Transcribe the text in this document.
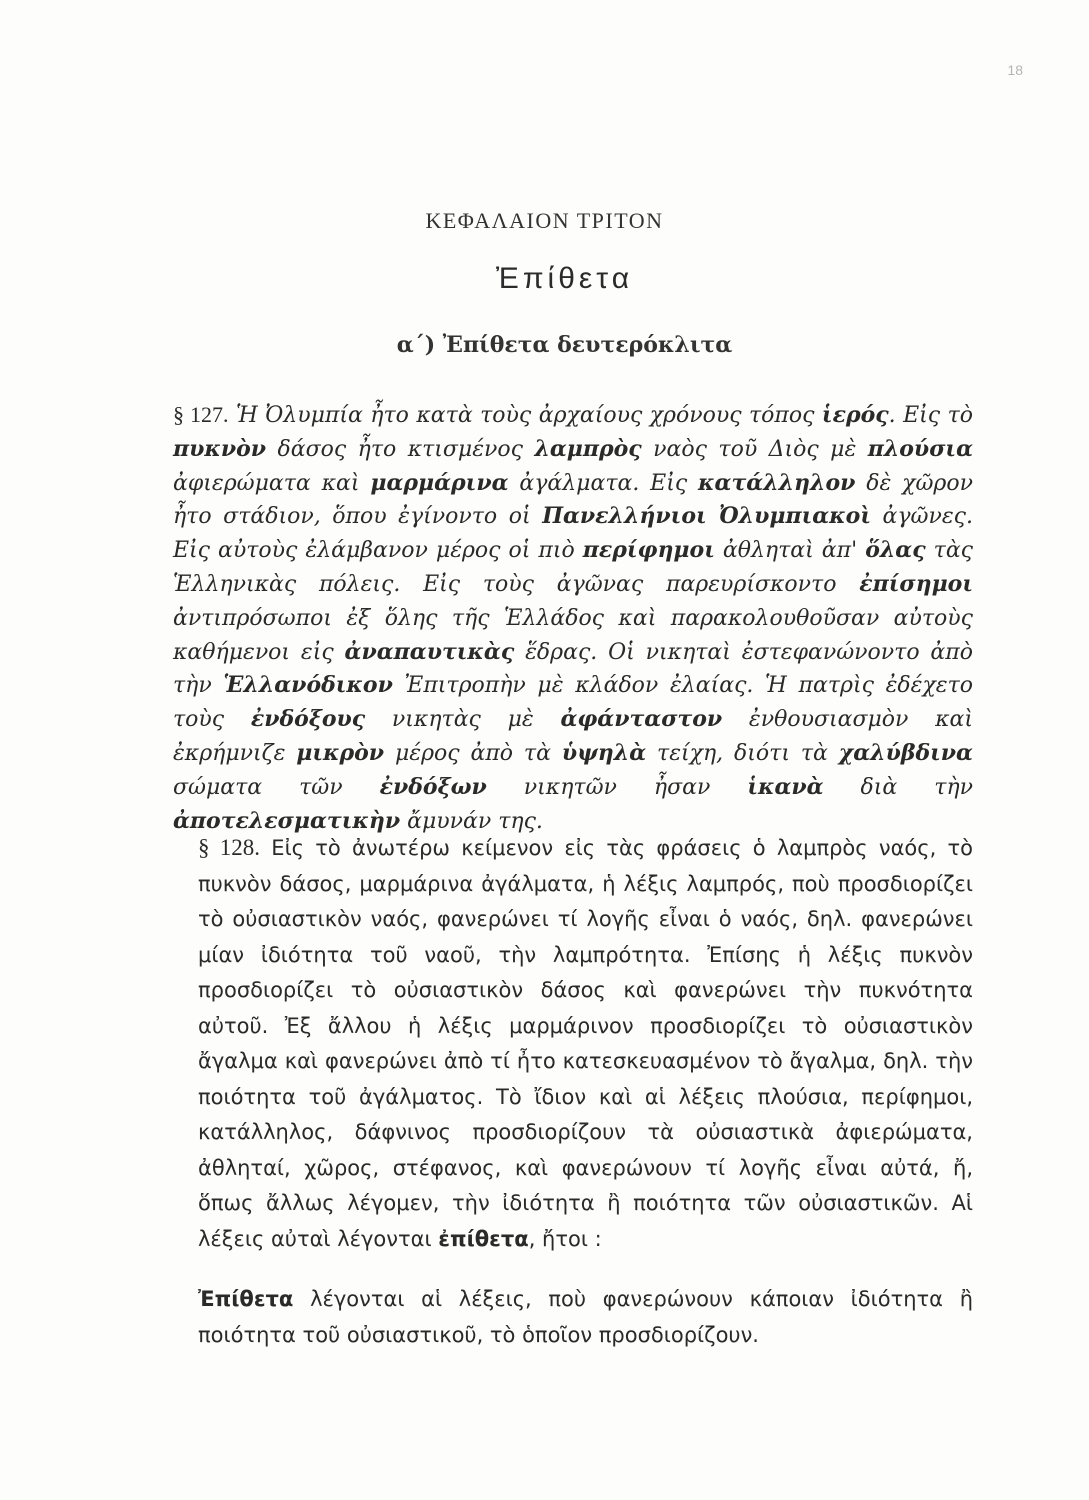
18
ΚΕΦΑΛΑΙΟΝ ΤΡΙΤΟΝ
Ἐπίθετα
α΄) Ἐπίθετα δευτερόκλιτα
§ 127. Ἡ Ὀλυμπία ἦτο κατὰ τοὺς ἀρχαίους χρόνους τόπος ἱερός. Εἰς τὸ πυκνὸν δάσος ἦτο κτισμένος λαμπρὸς ναὸς τοῦ Διὸς μὲ πλούσια ἀφιερώματα καὶ μαρμάρινα ἀγάλματα. Εἰς κατάλληλον δὲ χῶρον ἦτο στάδιον, ὅπου ἐγίνοντο οἱ Πανελλήνιοι Ὀλυμπιακοὶ ἀγῶνες. Εἰς αὐτοὺς ἐλάμβανον μέρος οἱ πιὸ περίφημοι ἀθληταὶ ἀπ' ὅλας τὰς Ἑλληνικὰς πόλεις. Εἰς τοὺς ἀγῶνας παρευρίσκοντο ἐπίσημοι ἀντιπρόσωποι ἐξ ὅλης τῆς Ἑλλάδος καὶ παρακολουθοῦσαν αὐτοὺς καθήμενοι εἰς ἀναπαυτικὰς ἕδρας. Οἱ νικηταὶ ἐστεφανώνοντο ἀπὸ τὴν Ἑλλανόδικον Ἐπιτροπὴν μὲ κλάδον ἐλαίας. Ἡ πατρὶς ἐδέχετο τοὺς ἐνδόξους νικητὰς μὲ ἀφάνταστον ἐνθουσιασμὸν καὶ ἐκρήμνιζε μικρὸν μέρος ἀπὸ τὰ ὑψηλὰ τείχη, διότι τὰ χαλύβδινα σώματα τῶν ἐνδόξων νικητῶν ἦσαν ἱκανὰ διὰ τὴν ἀποτελεσματικὴν ἄμυνάν της.
§ 128. Εἰς τὸ ἀνωτέρω κείμενον εἰς τὰς φράσεις ὁ λαμπρὸς ναός, τὸ πυκνὸν δάσος, μαρμάρινα ἀγάλματα, ἡ λέξις λαμπρός, ποὺ προσδιορίζει τὸ οὐσιαστικὸν ναός, φανερώνει τί λογῆς εἶναι ὁ ναός, δηλ. φανερώνει μίαν ἰδιότητα τοῦ ναοῦ, τὴν λαμπρότητα. Ἐπίσης ἡ λέξις πυκνὸν προσδιορίζει τὸ οὐσιαστικὸν δάσος καὶ φανερώνει τὴν πυκνότητα αὐτοῦ. Ἐξ ἄλλου ἡ λέξις μαρμάρινον προσδιορίζει τὸ οὐσιαστικὸν ἄγαλμα καὶ φανερώνει ἀπὸ τί ἦτο κατεσκευασμένον τὸ ἄγαλμα, δηλ. τὴν ποιότητα τοῦ ἀγάλματος. Τὸ ἴδιον καὶ αἱ λέξεις πλούσια, περίφημοι, κατάλληλος, δάφνινος προσδιορίζουν τὰ οὐσιαστικὰ ἀφιερώματα, ἀθληταί, χῶρος, στέφανος, καὶ φανερώνουν τί λογῆς εἶναι αὐτά, ἤ, ὅπως ἄλλως λέγομεν, τὴν ἰδιότητα ἢ ποιότητα τῶν οὐσιαστικῶν. Αἱ λέξεις αὐταὶ λέγονται ἐπίθετα, ἤτοι :
Ἐπίθετα λέγονται αἱ λέξεις, ποὺ φανερώνουν κάποιαν ἰδιότητα ἢ ποιότητα τοῦ οὐσιαστικοῦ, τὸ ὁποῖον προσδιορίζουν.
